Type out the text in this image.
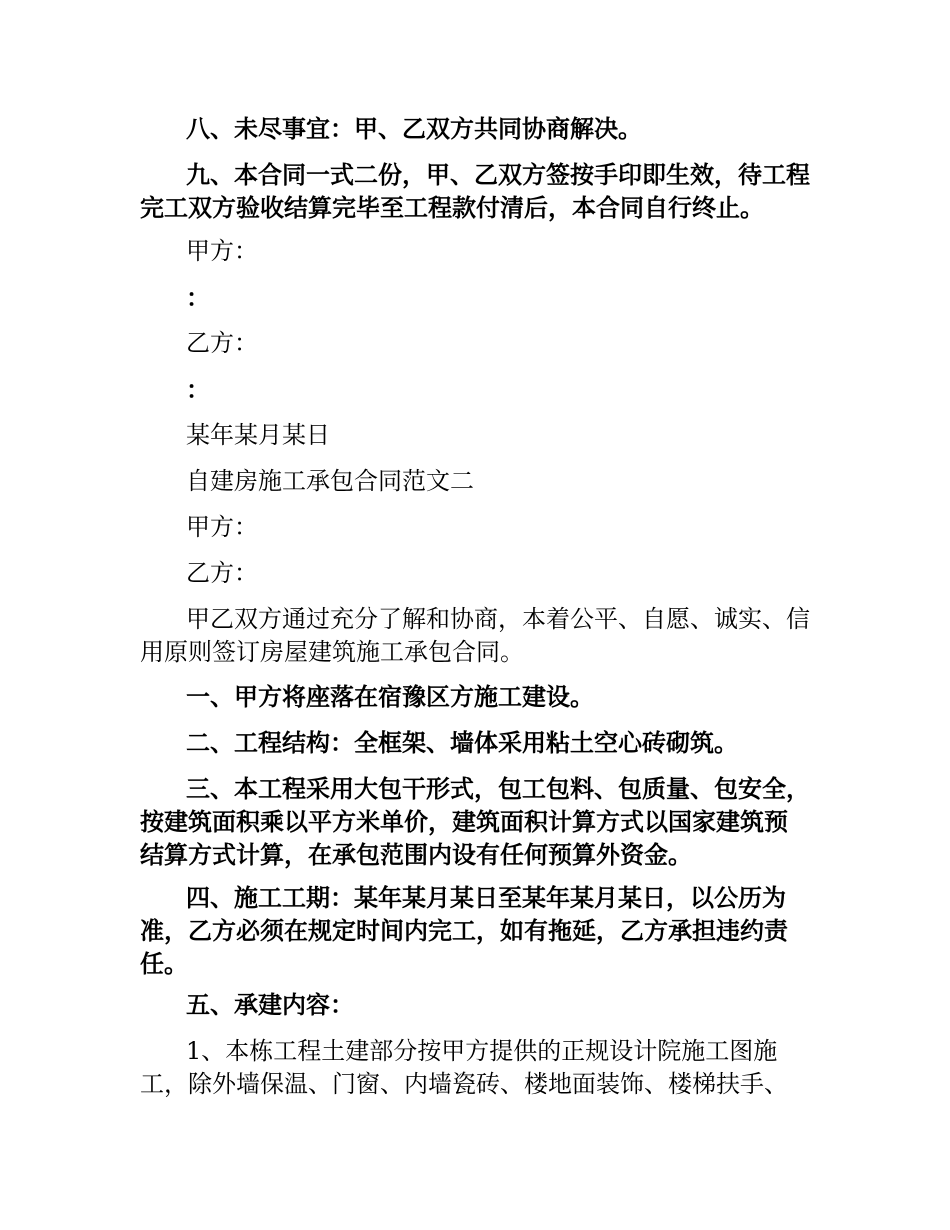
八、未尽事宜：甲、乙双方共同协商解决。
九、本合同一式二份，甲、乙双方签按手印即生效，待工程完工双方验收结算完毕至工程款付清后，本合同自行终止。
甲方：
：
乙方：
：
某年某月某日
自建房施工承包合同范文二
甲方：
乙方：
甲乙双方通过充分了解和协商，本着公平、自愿、诚实、信用原则签订房屋建筑施工承包合同。
一、甲方将座落在宿豫区方施工建设。
二、工程结构：全框架、墙体采用粘土空心砖砌筑。
三、本工程采用大包干形式，包工包料、包质量、包安全，按建筑面积乘以平方米单价，建筑面积计算方式以国家建筑预结算方式计算，在承包范围内设有任何预算外资金。
四、施工工期：某年某月某日至某年某月某日，以公历为准，乙方必须在规定时间内完工，如有拖延，乙方承担违约责任。
五、承建内容：
1、本栋工程土建部分按甲方提供的正规设计院施工图施工，除外墙保温、门窗、内墙瓷砖、楼地面装饰、楼梯扶手、
